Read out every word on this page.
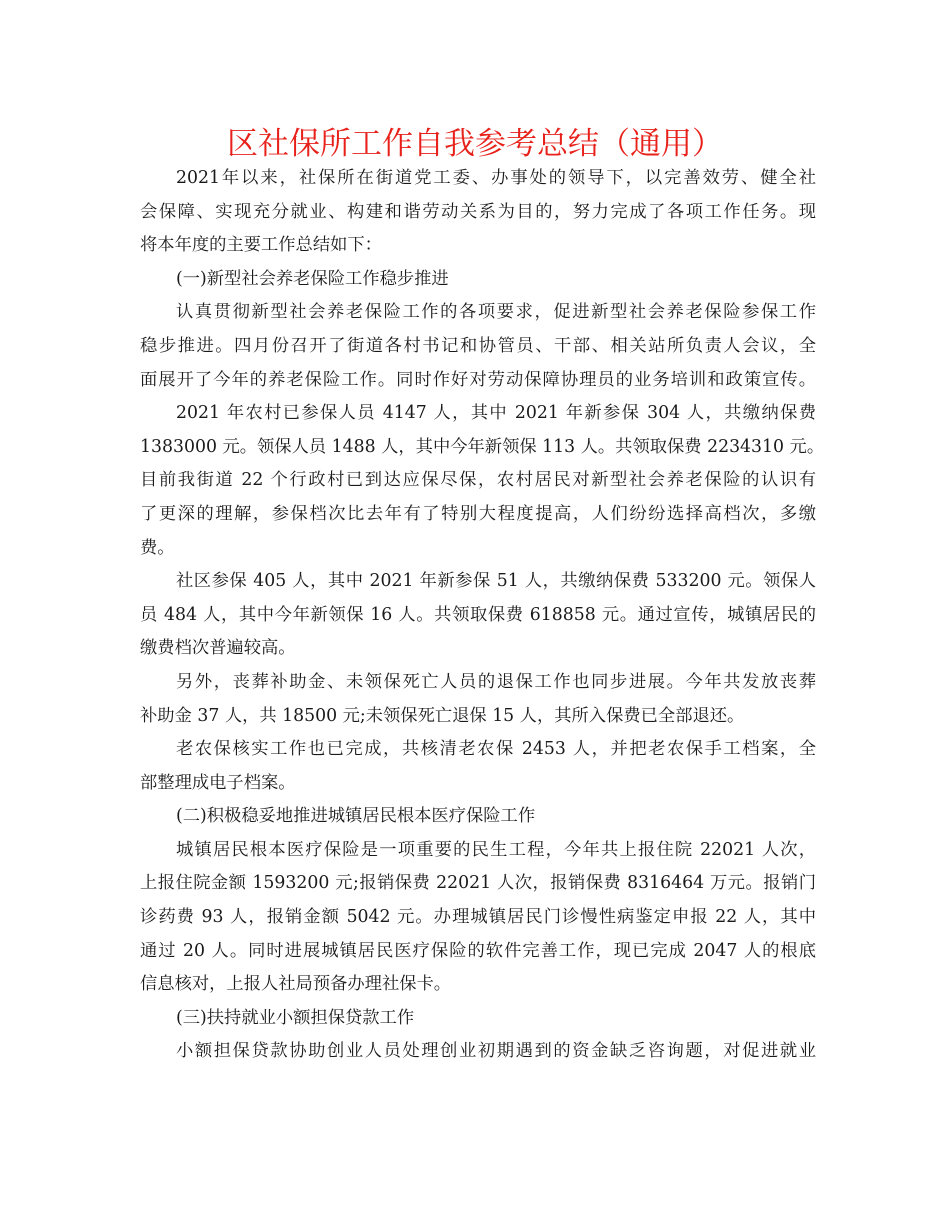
区社保所工作自我参考总结（通用）
2021年以来，社保所在街道党工委、办事处的领导下，以完善效劳、健全社
会保障、实现充分就业、构建和谐劳动关系为目的，努力完成了各项工作任务。现
将本年度的主要工作总结如下：
(一)新型社会养老保险工作稳步推进
认真贯彻新型社会养老保险工作的各项要求，促进新型社会养老保险参保工作
稳步推进。四月份召开了街道各村书记和协管员、干部、相关站所负责人会议，全
面展开了今年的养老保险工作。同时作好对劳动保障协理员的业务培训和政策宣传。
2021 年农村已参保人员 4147 人，其中 2021 年新参保 304 人，共缴纳保费
1383000 元。领保人员 1488 人，其中今年新领保 113 人。共领取保费 2234310 元。
目前我街道 22 个行政村已到达应保尽保，农村居民对新型社会养老保险的认识有
了更深的理解，参保档次比去年有了特别大程度提高，人们纷纷选择高档次，多缴
费。
社区参保 405 人，其中 2021 年新参保 51 人，共缴纳保费 533200 元。领保人
员 484 人，其中今年新领保 16 人。共领取保费 618858 元。通过宣传，城镇居民的
缴费档次普遍较高。
另外，丧葬补助金、未领保死亡人员的退保工作也同步进展。今年共发放丧葬
补助金 37 人，共 18500 元;未领保死亡退保 15 人，其所入保费已全部退还。
老农保核实工作也已完成，共核清老农保 2453 人，并把老农保手工档案，全
部整理成电子档案。
(二)积极稳妥地推进城镇居民根本医疗保险工作
城镇居民根本医疗保险是一项重要的民生工程，今年共上报住院 22021 人次，
上报住院金额 1593200 元;报销保费 22021 人次，报销保费 8316464 万元。报销门
诊药费 93 人，报销金额 5042 元。办理城镇居民门诊慢性病鉴定申报 22 人，其中
通过 20 人。同时进展城镇居民医疗保险的软件完善工作，现已完成 2047 人的根底
信息核对，上报人社局预备办理社保卡。
(三)扶持就业小额担保贷款工作
小额担保贷款协助创业人员处理创业初期遇到的资金缺乏咨询题，对促进就业
